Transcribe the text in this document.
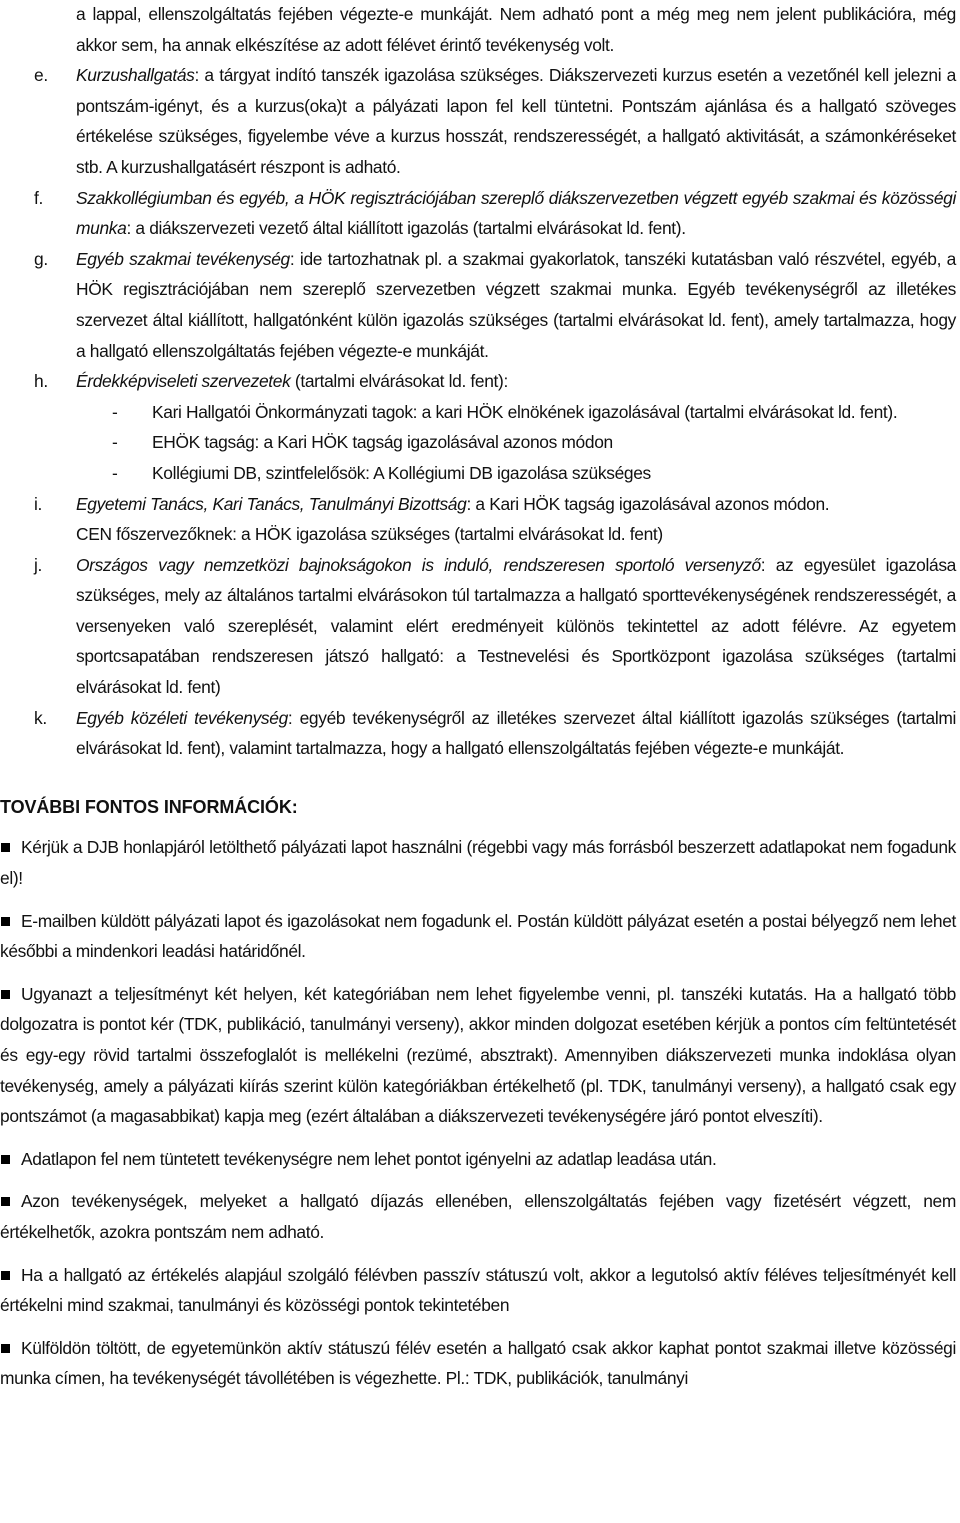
a lappal, ellenszolgáltatás fejében végezte-e munkáját. Nem adható pont a még meg nem jelent publikációra, még akkor sem, ha annak elkészítése az adott félévet érintő tevékenység volt.
e. Kurzushallgatás: a tárgyat indító tanszék igazolása szükséges. Diákszervezeti kurzus esetén a vezetőnél kell jelezni a pontszám-igényt, és a kurzus(oka)t a pályázati lapon fel kell tüntetni. Pontszám ajánlása és a hallgató szöveges értékelése szükséges, figyelembe véve a kurzus hosszát, rendszerességét, a hallgató aktivitását, a számonkéréseket stb. A kurzushallgatásért részpont is adható.
f. Szakkollégiumban és egyéb, a HÖK regisztrációjában szereplő diákszervezetben végzett egyéb szakmai és közösségi munka: a diákszervezeti vezető által kiállított igazolás (tartalmi elvárásokat ld. fent).
g. Egyéb szakmai tevékenység: ide tartozhatnak pl. a szakmai gyakorlatok, tanszéki kutatásban való részvétel, egyéb, a HÖK regisztrációjában nem szereplő szervezetben végzett szakmai munka. Egyéb tevékenységről az illetékes szervezet által kiállított, hallgatónként külön igazolás szükséges (tartalmi elvárásokat ld. fent), amely tartalmazza, hogy a hallgató ellenszolgáltatás fejében végezte-e munkáját.
h. Érdekképviseleti szervezetek (tartalmi elvárásokat ld. fent):
- Kari Hallgatói Önkormányzati tagok: a kari HÖK elnökének igazolásával (tartalmi elvárásokat ld. fent).
- EHÖK tagság: a Kari HÖK tagság igazolásával azonos módon
- Kollégiumi DB, szintfelelősök: A Kollégiumi DB igazolása szükséges
i. Egyetemi Tanács, Kari Tanács, Tanulmányi Bizottság: a Kari HÖK tagság igazolásával azonos módon.
CEN főszervezőknek: a HÖK igazolása szükséges (tartalmi elvárásokat ld. fent)
j. Országos vagy nemzetközi bajnokságokon is induló, rendszeresen sportoló versenyző: az egyesület igazolása szükséges, mely az általános tartalmi elvárásokon túl tartalmazza a hallgató sporttevékenységének rendszerességét, a versenyeken való szereplését, valamint elért eredményeit különös tekintettel az adott félévre. Az egyetem sportcsapatában rendszeresen játszó hallgató: a Testnevelési és Sportközpont igazolása szükséges (tartalmi elvárásokat ld. fent)
k. Egyéb közéleti tevékenység: egyéb tevékenységről az illetékes szervezet által kiállított igazolás szükséges (tartalmi elvárásokat ld. fent), valamint tartalmazza, hogy a hallgató ellenszolgáltatás fejében végezte-e munkáját.
TOVÁBBI FONTOS INFORMÁCIÓK:
Kérjük a DJB honlapjáról letölthető pályázati lapot használni (régebbi vagy más forrásból beszerzett adatlapokat nem fogadunk el)!
E-mailben küldött pályázati lapot és igazolásokat nem fogadunk el. Postán küldött pályázat esetén a postai bélyegző nem lehet későbbi a mindenkori leadási határidőnél.
Ugyanazt a teljesítményt két helyen, két kategóriában nem lehet figyelembe venni, pl. tanszéki kutatás. Ha a hallgató több dolgozatra is pontot kér (TDK, publikáció, tanulmányi verseny), akkor minden dolgozat esetében kérjük a pontos cím feltüntetését és egy-egy rövid tartalmi összefoglalót is mellékelni (rezümé, absztrakt). Amennyiben diákszervezeti munka indoklása olyan tevékenység, amely a pályázati kiírás szerint külön kategóriákban értékelhető (pl. TDK, tanulmányi verseny), a hallgató csak egy pontszámot (a magasabbikat) kapja meg (ezért általában a diákszervezeti tevékenységére járó pontot elveszíti).
Adatlapon fel nem tüntetett tevékenységre nem lehet pontot igényelni az adatlap leadása után.
Azon tevékenységek, melyeket a hallgató díjazás ellenében, ellenszolgáltatás fejében vagy fizetésért végzett, nem értékelhetők, azokra pontszám nem adható.
Ha a hallgató az értékelés alapjául szolgáló félévben passzív státuszú volt, akkor a legutolsó aktív féléves teljesítményét kell értékelni mind szakmai, tanulmányi és közösségi pontok tekintetében
Külföldön töltött, de egyetemünkön aktív státuszú félév esetén a hallgató csak akkor kaphat pontot szakmai illetve közösségi munka címen, ha tevékenységét távollétében is végezhette. Pl.: TDK, publikációk, tanulmányi
